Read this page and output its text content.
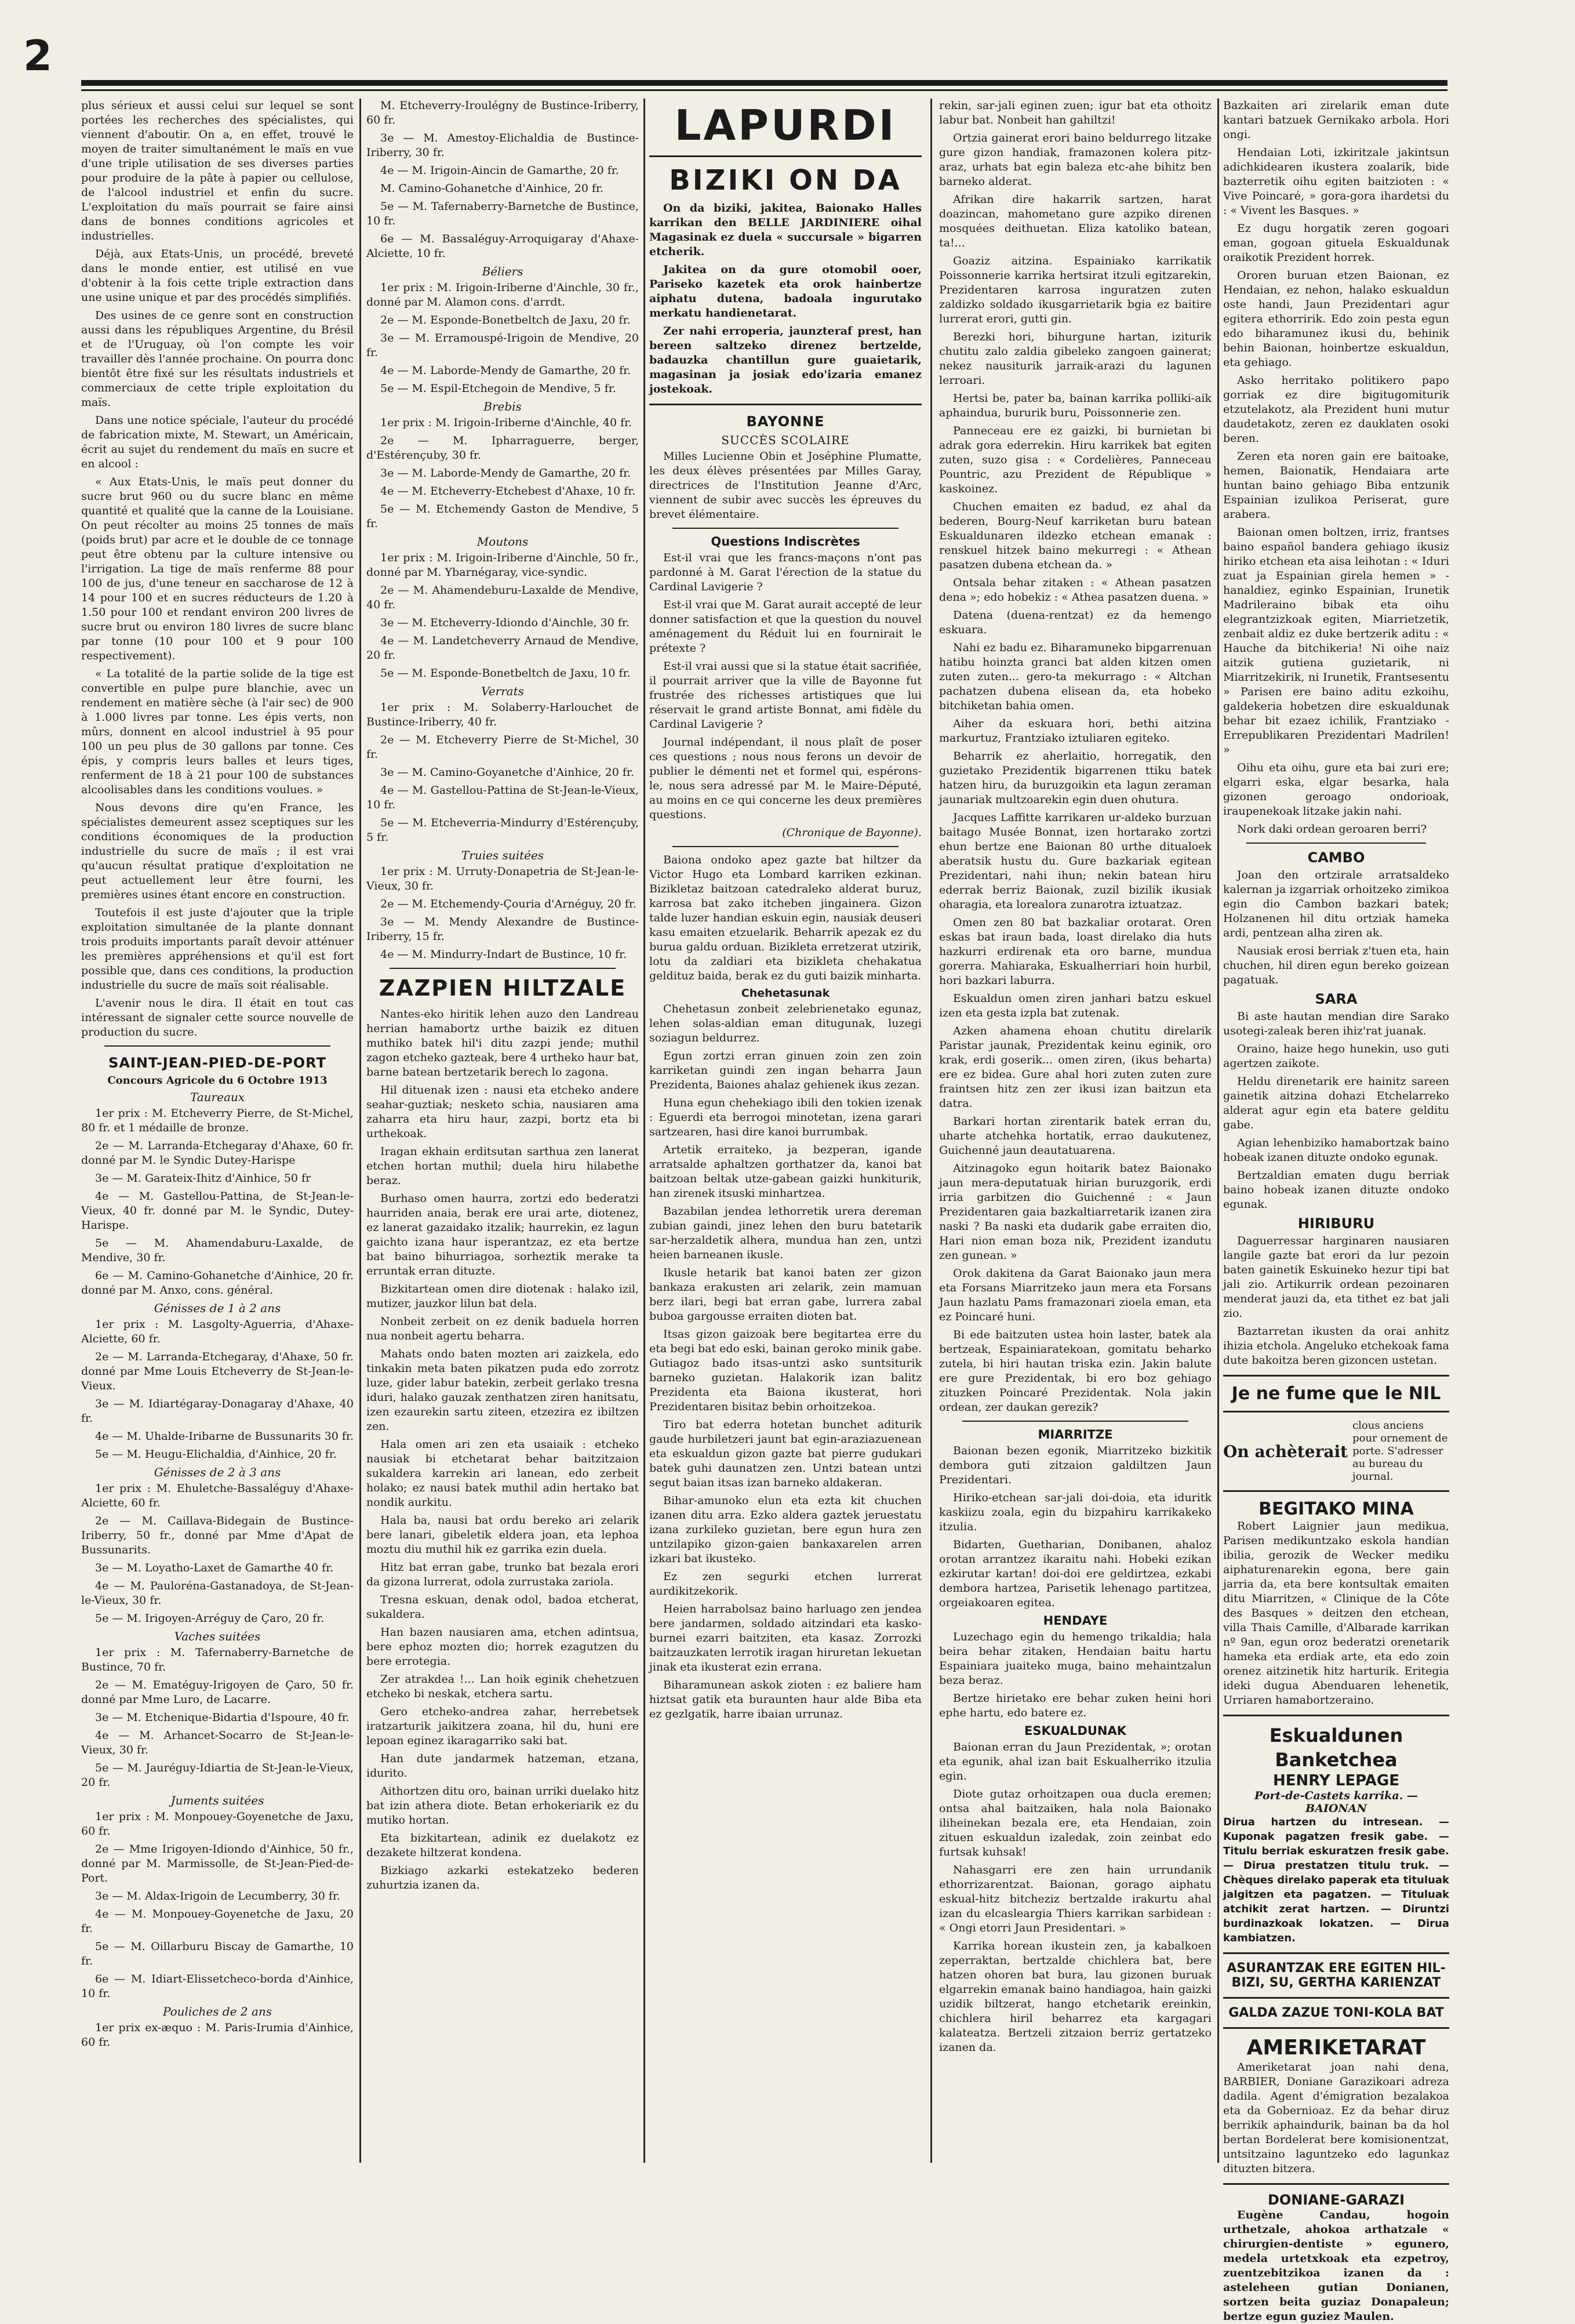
2

plus sérieux et aussi celui sur lequel se sont portées les recherches des spécialistes, qui viennent d'aboutir. On a, en effet, trouvé le moyen de traiter simultanément le maïs en vue d'une triple utilisation de ses diverses parties pour produire de la pâte à papier ou cellulose, de l'alcool industriel et enfin du sucre. L'exploitation du maïs pourrait se faire ainsi dans de bonnes conditions agricoles et industrielles.

Déjà, aux Etats-Unis, un procédé, breveté dans le monde entier, est utilisé en vue d'obtenir à la fois cette triple extraction dans une usine unique et par des procédés simplifiés.

Des usines de ce genre sont en construction aussi dans les républiques Argentine, du Brésil et de l'Uruguay, où l'on compte les voir travailler dès l'année prochaine. On pourra donc bientôt être fixé sur les résultats industriels et commerciaux de cette triple exploitation du maïs.

Dans une notice spéciale, l'auteur du procédé de fabrication mixte, M. Stewart, un Américain, écrit au sujet du rendement du maïs en sucre et en alcool :

« Aux Etats-Unis, le maïs peut donner du sucre brut 960 ou du sucre blanc en même quantité et qualité que la canne de la Louisiane. On peut récolter au moins 25 tonnes de maïs (poids brut) par acre et le double de ce tonnage peut être obtenu par la culture intensive ou l'irrigation. La tige de maïs renferme 88 pour 100 de jus, d'une teneur en saccharose de 12 à 14 pour 100 et en sucres réducteurs de 1.20 à 1.50 pour 100 et rendant environ 200 livres de sucre brut ou environ 180 livres de sucre blanc par tonne (10 pour 100 et 9 pour 100 respectivement).

« La totalité de la partie solide de la tige est convertible en pulpe pure blanchie, avec un rendement en matière sèche (à l'air sec) de 900 à 1.000 livres par tonne. Les épis verts, non mûrs, donnent en alcool industriel à 95 pour 100 un peu plus de 30 gallons par tonne. Ces épis, y compris leurs balles et leurs tiges, renferment de 18 à 21 pour 100 de substances alcoolisables dans les conditions voulues. »

Nous devons dire qu'en France, les spécialistes demeurent assez sceptiques sur les conditions économiques de la production industrielle du sucre de maïs ; il est vrai qu'aucun résultat pratique d'exploitation ne peut actuellement leur être fourni, les premières usines étant encore en construction.

Toutefois il est juste d'ajouter que la triple exploitation simultanée de la plante donnant trois produits importants paraît devoir atténuer les premières appréhensions et qu'il est fort possible que, dans ces conditions, la production industrielle du sucre de maïs soit réalisable.

L'avenir nous le dira. Il était en tout cas intéressant de signaler cette source nouvelle de production du sucre.

SAINT-JEAN-PIED-DE-PORT
Concours Agricole du 6 Octobre 1913
Taureaux

1er prix : M. Etcheverry Pierre, de St-Michel, 80 fr. et 1 médaille de bronze.

2e — M. Larranda-Etchegaray d'Ahaxe, 60 fr. donné par M. le Syndic Dutey-Harispe

3e — M. Garateix-Ihitz d'Ainhice, 50 fr

4e — M. Gastellou-Pattina, de St-Jean-le-Vieux, 40 fr. donné par M. le Syndic, Dutey-Harispe.

5e — M. Ahamendaburu-Laxalde, de Mendive, 30 fr.

6e — M. Camino-Gohanetche d'Ainhice, 20 fr. donné par M. Anxo, cons. général.

Génisses de 1 à 2 ans

1er prix : M. Lasgolty-Aguerria, d'Ahaxe-Alciette, 60 fr.

2e — M. Larranda-Etchegaray, d'Ahaxe, 50 fr. donné par Mme Louis Etcheverry de St-Jean-le-Vieux.

3e — M. Idiartégaray-Donagaray d'Ahaxe, 40 fr.

4e — M. Uhalde-Iribarne de Bussunarits 30 fr.

5e — M. Heugu-Elichaldia, d'Ainhice, 20 fr.

Génisses de 2 à 3 ans

1er prix : M. Ehuletche-Bassaléguy d'Ahaxe-Alciette, 60 fr.

2e — M. Caillava-Bidegain de Bustince-Iriberry, 50 fr., donné par Mme d'Apat de Bussunarits.

3e — M. Loyatho-Laxet de Gamarthe 40 fr.

4e — M. Pauloréna-Gastanadoya, de St-Jean-le-Vieux, 30 fr.

5e — M. Irigoyen-Arréguy de Çaro, 20 fr.

Vaches suitées

1er prix : M. Tafernaberry-Barnetche de Bustince, 70 fr.

2e — M. Ematéguy-Irigoyen de Çaro, 50 fr. donné par Mme Luro, de Lacarre.

3e — M. Etchenique-Bidartia d'Ispoure, 40 fr.

4e — M. Arhancet-Socarro de St-Jean-le-Vieux, 30 fr.

5e — M. Jauréguy-Idiartia de St-Jean-le-Vieux, 20 fr.

Juments suitées

1er prix : M. Monpouey-Goyenetche de Jaxu, 60 fr.

2e — Mme Irigoyen-Idiondo d'Ainhice, 50 fr., donné par M. Marmissolle, de St-Jean-Pied-de-Port.

3e — M. Aldax-Irigoin de Lecumberry, 30 fr.

4e — M. Monpouey-Goyenetche de Jaxu, 20 fr.

5e — M. Oillarburu Biscay de Gamarthe, 10 fr.

6e — M. Idiart-Elissetcheco-borda d'Ainhice, 10 fr.

Pouliches de 2 ans

1er prix ex-æquo : M. Paris-Irumia d'Ainhice, 60 fr.

M. Etcheverry-Iroulégny de Bustince-Iriberry, 60 fr.

3e — M. Amestoy-Elichaldia de Bustince-Iriberry, 30 fr.

4e — M. Irigoin-Aincin de Gamarthe, 20 fr.

M. Camino-Gohanetche d'Ainhice, 20 fr.

5e — M. Tafernaberry-Barnetche de Bustince, 10 fr.

6e — M. Bassaléguy-Arroquigaray d'Ahaxe-Alciette, 10 fr.

Béliers

1er prix : M. Irigoin-Iriberne d'Ainchle, 30 fr., donné par M. Alamon cons. d'arrdt.

2e — M. Esponde-Bonetbeltch de Jaxu, 20 fr.

3e — M. Erramouspé-Irigoin de Mendive, 20 fr.

4e — M. Laborde-Mendy de Gamarthe, 20 fr.

5e — M. Espil-Etchegoin de Mendive, 5 fr.

Brebis

1er prix : M. Irigoin-Iriberne d'Ainchle, 40 fr.

2e — M. Ipharraguerre, berger, d'Estérençuby, 30 fr.

3e — M. Laborde-Mendy de Gamarthe, 20 fr.

4e — M. Etcheverry-Etchebest d'Ahaxe, 10 fr.

5e — M. Etchemendy Gaston de Mendive, 5 fr.

Moutons

1er prix : M. Irigoin-Iriberne d'Ainchle, 50 fr., donné par M. Ybarnégaray, vice-syndic.

2e — M. Ahamendeburu-Laxalde de Mendive, 40 fr.

3e — M. Etcheverry-Idiondo d'Ainchle, 30 fr.

4e — M. Landetcheverry Arnaud de Mendive, 20 fr.

5e — M. Esponde-Bonetbeltch de Jaxu, 10 fr.

Verrats

1er prix : M. Solaberry-Harlouchet de Bustince-Iriberry, 40 fr.

2e — M. Etcheverry Pierre de St-Michel, 30 fr.

3e — M. Camino-Goyanetche d'Ainhice, 20 fr.

4e — M. Gastellou-Pattina de St-Jean-le-Vieux, 10 fr.

5e — M. Etcheverria-Mindurry d'Estérençuby, 5 fr.

Truies suitées

1er prix : M. Urruty-Donapetria de St-Jean-le-Vieux, 30 fr.

2e — M. Etchemendy-Çouria d'Arnéguy, 20 fr.

3e — M. Mendy Alexandre de Bustince-Iriberry, 15 fr.

4e — M. Mindurry-Indart de Bustince, 10 fr.

ZAZPIEN HILTZALE

Nantes-eko hiritik lehen auzo den Landreau herrian hamabortz urthe baizik ez dituen muthiko batek hil'i ditu zazpi jende; muthil zagon etcheko gazteak, bere 4 urtheko haur bat, barne batean bertzetarik berech lo zagona.

Hil dituenak izen : nausi eta etcheko andere seahar-guztiak; nesketo schia, nausiaren ama zaharra eta hiru haur, zazpi, bortz eta bi urthekoak.

Iragan ekhain erditsutan sarthua zen lanerat etchen hortan muthil; duela hiru hilabethe beraz.

Burhaso omen haurra, zortzi edo bederatzi haurriden anaia, berak ere urai arte, diotenez, ez lanerat gazaidako itzalik; haurrekin, ez lagun gaichto izana haur isperantzaz, ez eta bertze bat baino bihurriagoa, sorheztik merake ta erruntak erran dituzte.

Bizkitartean omen dire diotenak : halako izil, mutizer, jauzkor lilun bat dela.

Nonbeit zerbeit on ez denik baduela horren nua nonbeit agertu beharra.

Mahats ondo baten mozten ari zaizkela, edo tinkakin meta baten pikatzen puda edo zorrotz luze, gider labur batekin, zerbeit gerlako tresna iduri, halako gauzak zenthatzen ziren hanitsatu, izen ezaurekin sartu ziteen, etzezira ez ibiltzen zen.

Hala omen ari zen eta usaiaik : etcheko nausiak bi etchetarat behar baitzitzaion sukaldera karrekin ari lanean, edo zerbeit holako; ez nausi batek muthil adin hertako bat nondik aurkitu.

Hala ba, nausi bat ordu bereko ari zelarik bere lanari, gibeletik eldera joan, eta lephoa moztu diu muthil hik ez garrika ezin duela.

Hitz bat erran gabe, trunko bat bezala erori da gizona lurrerat, odola zurrustaka zariola.

Tresna eskuan, denak odol, badoa etcherat, sukaldera.

Han bazen nausiaren ama, etchen adintsua, bere ephoz mozten dio; horrek ezagutzen du bere errotegia.

Zer atrakdea !... Lan hoik eginik chehetzuen etcheko bi neskak, etchera sartu.

Gero etcheko-andrea zahar, herrebetsek iratzarturik jaikitzera zoana, hil du, huni ere lepoan eginez ikaragarriko saki bat.

Han dute jandarmek hatzeman, etzana, idurito.

Aithortzen ditu oro, bainan urriki duelako hitz bat izin athera diote. Betan erhokeriarik ez du mutiko hortan.

Eta bizkitartean, adinik ez duelakotz ez dezakete hiltzerat kondena.

Bizkiago azkarki estekatzeko bederen zuhurtzia izanen da.

LAPURDI
BIZIKI ON DA

On da biziki, jakitea, Baionako Halles karrikan den BELLE JARDINIERE oihal Magasinak ez duela « succursale » bigarren etcherik.

Jakitea on da gure otomobil ooer, Pariseko kazetek eta orok hainbertze aiphatu dutena, badoala ingurutako merkatu handienetarat.

Zer nahi erroperia, jaunzteraf prest, han bereen saltzeko direnez bertzelde, badauzka chantillun gure guaietarik, magasinan ja josiak edo'izaria emanez jostekoak.

BAYONNE
SUCCÈS SCOLAIRE

Milles Lucienne Obin et Joséphine Plumatte, les deux élèves présentées par Milles Garay, directrices de l'Institution Jeanne d'Arc, viennent de subir avec succès les épreuves du brevet élémentaire.

Questions Indiscrètes

Est-il vrai que les francs-maçons n'ont pas pardonné à M. Garat l'érection de la statue du Cardinal Lavigerie ?

Est-il vrai que M. Garat aurait accepté de leur donner satisfaction et que la question du nouvel aménagement du Réduit lui en fournirait le prétexte ?

Est-il vrai aussi que si la statue était sacrifiée, il pourrait arriver que la ville de Bayonne fut frustrée des richesses artistiques que lui réservait le grand artiste Bonnat, ami fidèle du Cardinal Lavigerie ?

Journal indépendant, il nous plaît de poser ces questions ; nous nous ferons un devoir de publier le démenti net et formel qui, espérons-le, nous sera adressé par M. le Maire-Député, au moins en ce qui concerne les deux premières questions.

(Chronique de Bayonne).

Baiona ondoko apez gazte bat hiltzer da Victor Hugo eta Lombard karriken ezkinan. Bizikletaz baitzoan catedraleko alderat buruz, karrosa bat zako itcheben jingainera. Gizon talde luzer handian eskuin egin, nausiak deuseri kasu emaiten etzuelarik. Beharrik apezak ez du burua galdu orduan. Bizikleta erretzerat utzirik, lotu da zaldiari eta bizikleta chehakatua geldituz baida, berak ez du guti baizik minharta.

Chehetasunak

Chehetasun zonbeit zelebrienetako egunaz, lehen solas-aldian eman ditugunak, luzegi soziagun beldurrez.

Egun zortzi erran ginuen zoin zen zoin karriketan guindi zen ingan beharra Jaun Prezidenta, Baiones ahalaz gehienek ikus zezan.

Huna egun chehekiago ibili den tokien izenak : Eguerdi eta berrogoi minotetan, izena garari sartzearen, hasi dire kanoi burrumbak.

Artetik erraiteko, ja bezperan, igande arratsalde aphaltzen gorthatzer da, kanoi bat baitzoan beltak utze-gabean gaizki hunkiturik, han zirenek itsuski minhartzea.

Bazabilan jendea lethorretik urera dereman zubian gaindi, jinez lehen den buru batetarik sar-herzaldetik alhera, mundua han zen, untzi heien barneanen ikusle.

Ikusle hetarik bat kanoi baten zer gizon bankaza erakusten ari zelarik, zein mamuan berz ilari, begi bat erran gabe, lurrera zabal buboa gargousse erraiten dioten bat.

Itsas gizon gaizoak bere begitartea erre du eta begi bat edo eski, bainan geroko minik gabe. Gutiagoz bado itsas-untzi asko suntsiturik barneko guzietan. Halakorik izan balitz Prezidenta eta Baiona ikusterat, hori Prezidentaren bisitaz bebin orhoitzekoa.

Tiro bat ederra hotetan bunchet aditurik gaude hurbiletzeri jaunt bat egin-araziazuenean eta eskualdun gizon gazte bat pierre gudukari batek guhi daunatzen zen. Untzi batean untzi segut baian itsas izan barneko aldakeran.

Bihar-amunoko elun eta ezta kit chuchen izanen ditu arra. Ezko aldera gaztek jeruestatu izana zurkileko guzietan, bere egun hura zen untzilapiko gizon-gaien bankaxarelen arren izkari bat ikusteko.

Ez zen segurki etchen lurrerat aurdikitzekorik.

Heien harrabolsaz baino harluago zen jendea bere jandarmen, soldado aitzindari eta kasko-burnei ezarri baitziten, eta kasaz. Zorrozki baitzauzkaten lerrotik iragan hiruretan lekuetan jinak eta ikusterat ezin errana.

Biharamunean askok zioten : ez baliere ham hiztsat gatik eta buraunten haur alde Biba eta ez gezlgatik, harre ibaian urrunaz.

rekin, sar-jali eginen zuen; igur bat eta othoitz labur bat. Nonbeit han gahiltzi!

Ortzia gainerat erori baino beldurrego litzake gure gizon handiak, framazonen kolera pitz-araz, urhats bat egin baleza etc-ahe bihitz ben barneko alderat.

Afrikan dire hakarrik sartzen, harat doazincan, mahometano gure azpiko direnen mosquées deithuetan. Eliza katoliko batean, ta!...

Goaziz aitzina. Espainiako karrikatik Poissonnerie karrika hertsirat itzuli egitzarekin, Prezidentaren karrosa inguratzen zuten zaldizko soldado ikusgarrietarik bgia ez baitire lurrerat erori, gutti gin.

Berezki hori, bihurgune hartan, iziturik chutitu zalo zaldia gibeleko zangoen gainerat; nekez nausiturik jarraik-arazi du lagunen lerroari.

Hertsi be, pater ba, bainan karrika polliki-aik aphaindua, bururik buru, Poissonnerie zen.

Panneceau ere ez gaizki, bi burnietan bi adrak gora ederrekin. Hiru karrikek bat egiten zuten, suzo gisa : « Cordelières, Panneceau Pountric, azu Prezident de République » kaskoinez.

Chuchen emaiten ez badud, ez ahal da bederen, Bourg-Neuf karriketan buru batean Eskualdunaren ildezko etchean emanak : renskuel hitzek baino mekurregi : « Athean pasatzen dubena etchean da. »

Ontsala behar zitaken : « Athean pasatzen dena »; edo hobekiz : « Athea pasatzen duena. »

Datena (duena-rentzat) ez da hemengo eskuara.

Nahi ez badu ez. Biharamuneko bipgarrenuan hatibu hoinzta granci bat alden kitzen omen zuten zuten... gero-ta mekurrago : « Altchan pachatzen dubena elisean da, eta hobeko bitchiketan bahia omen.

Aiher da eskuara hori, bethi aitzina markurtuz, Frantziako iztuliaren egiteko.

Beharrik ez aherlaitio, horregatik, den guzietako Prezidentik bigarrenen ttiku batek hatzen hiru, da buruzgoikin eta lagun zeraman jaunariak multzoarekin egin duen ohutura.

Jacques Laffitte karrikaren ur-aldeko burzuan baitago Musée Bonnat, izen hortarako zortzi ehun bertze ene Baionan 80 urthe ditualoek aberatsik hustu du. Gure bazkariak egitean Prezidentari, nahi ihun; nekin batean hiru ederrak berriz Baionak, zuzil bizilik ikusiak oharagia, eta lorealora zunarotra iztuatzaz.

Omen zen 80 bat bazkaliar orotarat. Oren eskas bat iraun bada, loast direlako dia huts hazkurri erdirenak eta oro barne, mundua gorerra. Mahiaraka, Eskualherriari hoin hurbil, hori bazkari laburra.

Eskualdun omen ziren janhari batzu eskuel izen eta gesta izpla bat zutenak.

Azken ahamena ehoan chutitu direlarik Paristar jaunak, Prezidentak keinu eginik, oro krak, erdi goserik... omen ziren, (ikus beharta) ere ez bidea. Gure ahal hori zuten zuten zure fraintsen hitz zen zer ikusi izan baitzun eta datra.

Barkari hortan zirentarik batek erran du, uharte atchehka hortatik, errao daukutenez, Guichenné jaun deautatuarena.

Aitzinagoko egun hoitarik batez Baionako jaun mera-deputatuak hirian buruzgorik, erdi irria garbitzen dio Guichenné : « Jaun Prezidentaren gaia bazkaltiarretarik izanen zira naski ? Ba naski eta dudarik gabe erraiten dio, Hari nion eman boza nik, Prezident izandutu zen gunean. »

Orok dakitena da Garat Baionako jaun mera eta Forsans Miarritzeko jaun mera eta Forsans Jaun hazlatu Pams framazonari zioela eman, eta ez Poincaré huni.

Bi ede baitzuten ustea hoin laster, batek ala bertzeak, Espainiaratekoan, gomitatu beharko zutela, bi hiri hautan triska ezin. Jakin balute ere gure Prezidentak, bi ero boz gehiago zituzken Poincaré Prezidentak. Nola jakin ordean, zer daukan gerezik?

MIARRITZE

Baionan bezen egonik, Miarritzeko bizkitik dembora guti zitzaion galdiltzen Jaun Prezidentari.

Hiriko-etchean sar-jali doi-doia, eta iduritk kaskiizu zoala, egin du bizpahiru karrikakeko itzulia.

Bidarten, Guetharian, Donibanen, ahaloz orotan arrantzez ikaraitu nahi. Hobeki ezikan ezkirutar kartan! doi-doi ere geldirtzea, ezkabi dembora hartzea, Parisetik lehenago partitzea, orgeiakoaren egitea.

HENDAYE

Luzechago egin du hemengo trikaldia; hala beira behar zitaken, Hendaian baitu hartu Espainiara juaiteko muga, baino mehaintzalun beza beraz.

Bertze hirietako ere behar zuken heini hori ephe hartu, edo batere ez.

ESKUALDUNAK

Baionan erran du Jaun Prezidentak, »; orotan eta egunik, ahal izan bait Eskualherriko itzulia egin.

Diote gutaz orhoitzapen oua ducla eremen; ontsa ahal baitzaiken, hala nola Baionako iliheinekan bezala ere, eta Hendaian, zoin zituen eskualdun izaledak, zoin zeinbat edo furtsak kuhsak!

Nahasgarri ere zen hain urrundanik ethorrizarentzat. Baionan, gorago aiphatu eskual-hitz bitcheziz bertzalde irakurtu ahal izan du elcasleargia Thiers karrikan sarbidean : « Ongi etorri Jaun Presidentari. »

Karrika horean ikustein zen, ja kabalkoen zeperraktan, bertzalde chichlera bat, bere hatzen ohoren bat bura, lau gizonen buruak elgarrekin emanak baino handiagoa, hain gaizki uzidik biltzerat, hango etchetarik ereinkin, chichlera hiril beharrez eta kargagari kalateatza. Bertzeli zitzaion berriz gertatzeko izanen da.

Bazkaiten ari zirelarik eman dute kantari batzuek Gernikako arbola. Hori ongi.

Hendaian Loti, izkiritzale jakintsun adichkidearen ikustera zoalarik, bide bazterretik oihu egiten baitzioten : « Vive Poincaré, » gora-gora ihardetsi du : « Vivent les Basques. »

Ez dugu horgatik zeren gogoari eman, gogoan gituela Eskualdunak oraikotik Prezident horrek.

Ororen buruan etzen Baionan, ez Hendaian, ez nehon, halako eskualdun oste handi, Jaun Prezidentari agur egitera ethorririk. Edo zoin pesta egun edo biharamunez ikusi du, behinik behin Baionan, hoinbertze eskualdun, eta gehiago.

Asko herritako politikero papo gorriak ez dire bigitugomiturik etzutelakotz, ala Prezident huni mutur daudetakotz, zeren ez dauklaten osoki beren.

Zeren eta noren gain ere baitoake, hemen, Baionatik, Hendaiara arte huntan baino gehiago Biba entzunik Espainian izulikoa Periserat, gure arabera.

Baionan omen boltzen, irriz, frantses baino español bandera gehiago ikusiz hiriko etchean eta aisa leihotan : « Iduri zuat ja Espainian girela hemen » - hanaldiez, eginko Espainian, Irunetik Madrileraino bibak eta oihu elegrantzizkoak egiten, Miarrietzetik, zenbait aldiz ez duke bertzerik aditu : « Hauche da bitchikeria! Ni oihe naiz aitzik gutiena guzietarik, ni Miarritzekirik, ni Irunetik, Frantsesentu » Parisen ere baino aditu ezkoihu, galdekeria hobetzen dire eskualdunak behar bit ezaez ichilik, Frantziako - Errepublikaren Prezidentari Madrilen! »

Oihu eta oihu, gure eta bai zuri ere; elgarri eska, elgar besarka, hala gizonen geroago ondorioak, iraupenekoak litzake jakin nahi.

Nork daki ordean geroaren berri?

CAMBO

Joan den ortzirale arratsaldeko kalernan ja izgarriak orhoitzeko zimikoa egin dio Cambon bazkari batek; Holzanenen hil ditu ortziak hameka ardi, pentzean alha ziren ak.

Nausiak erosi berriak z'tuen eta, hain chuchen, hil diren egun bereko goizean pagatuak.

SARA

Bi aste hautan mendian dire Sarako usotegi-zaleak beren ihiz'rat juanak.

Oraino, haize hego hunekin, uso guti agertzen zaikote.

Heldu direnetarik ere hainitz sareen gainetik aitzina dohazi Etchelarreko alderat agur egin eta batere gelditu gabe.

Agian lehenbiziko hamabortzak baino hobeak izanen dituzte ondoko egunak.

Bertzaldian ematen dugu berriak baino hobeak izanen dituzte ondoko egunak.

HIRIBURU

Daguerressar harginaren nausiaren langile gazte bat erori da lur pezoin baten gainetik Eskuineko hezur tipi bat jali zio. Artikurrik ordean pezoinaren menderat jauzi da, eta tithet ez bat jali zio.

Baztarretan ikusten da orai anhitz ihizia etchola. Angeluko etchekoak fama dute bakoitza beren gizoncen ustetan.

Je ne fume que le NIL
On achèterait
clous anciens pour ornement de porte. S'adresser au bureau du journal.
BEGITAKO MINA

Robert Laignier jaun medikua, Parisen medikuntzako eskola handian ibilia, gerozik de Wecker mediku aiphaturenarekin egona, bere gain jarria da, eta bere kontsultak emaiten ditu Miarritzen, « Clinique de la Côte des Basques » deitzen den etchean, villa Thais Camille, d'Albarade karrikan nº 9an, egun oroz bederatzi orenetarik hameka eta erdiak arte, eta edo zoin orenez aitzinetik hitz harturik. Eritegia ideki dugua Abenduaren lehenetik, Urriaren hamabortzeraino.

Eskualdunen Banketchea
HENRY LEPAGE
Port-de-Castets karrika. — BAIONAN

Dirua hartzen du intresean. — Kuponak pagatzen fresik gabe. — Titulu berriak eskuratzen fresik gabe. — Dirua prestatzen titulu truk. — Chèques direlako paperak eta tituluak jalgitzen eta pagatzen. — Tituluak atchikit zerat hartzen. — Diruntzi burdinazkoak lokatzen. — Dirua kambiatzen.

ASURANTZAK ERE EGITEN HIL-BIZI, SU, GERTHA KARIENZAT
GALDA ZAZUE TONI-KOLA BAT
AMERIKETARAT

Ameriketarat joan nahi dena, BARBIER, Doniane Garazikoari adreza dadila. Agent d'émigration bezalakoa eta da Gobernioaz. Ez da behar diruz berrikik aphaindurik, bainan ba da hol bertan Bordelerat bere komisionentzat, untsitzaino laguntzeko edo lagunkaz dituzten bitzera.

DONIANE-GARAZI

Eugène Candau, hogoin urthetzale, ahokoa arthatzale « chirurgien-dentiste » egunero, medela urtetxkoak eta ezpetroy, zuentzebitzikoa izanen da : asteleheen gutian Donianen, sortzen beita guziaz Donapaleun; bertze egun guziez Maulen.
